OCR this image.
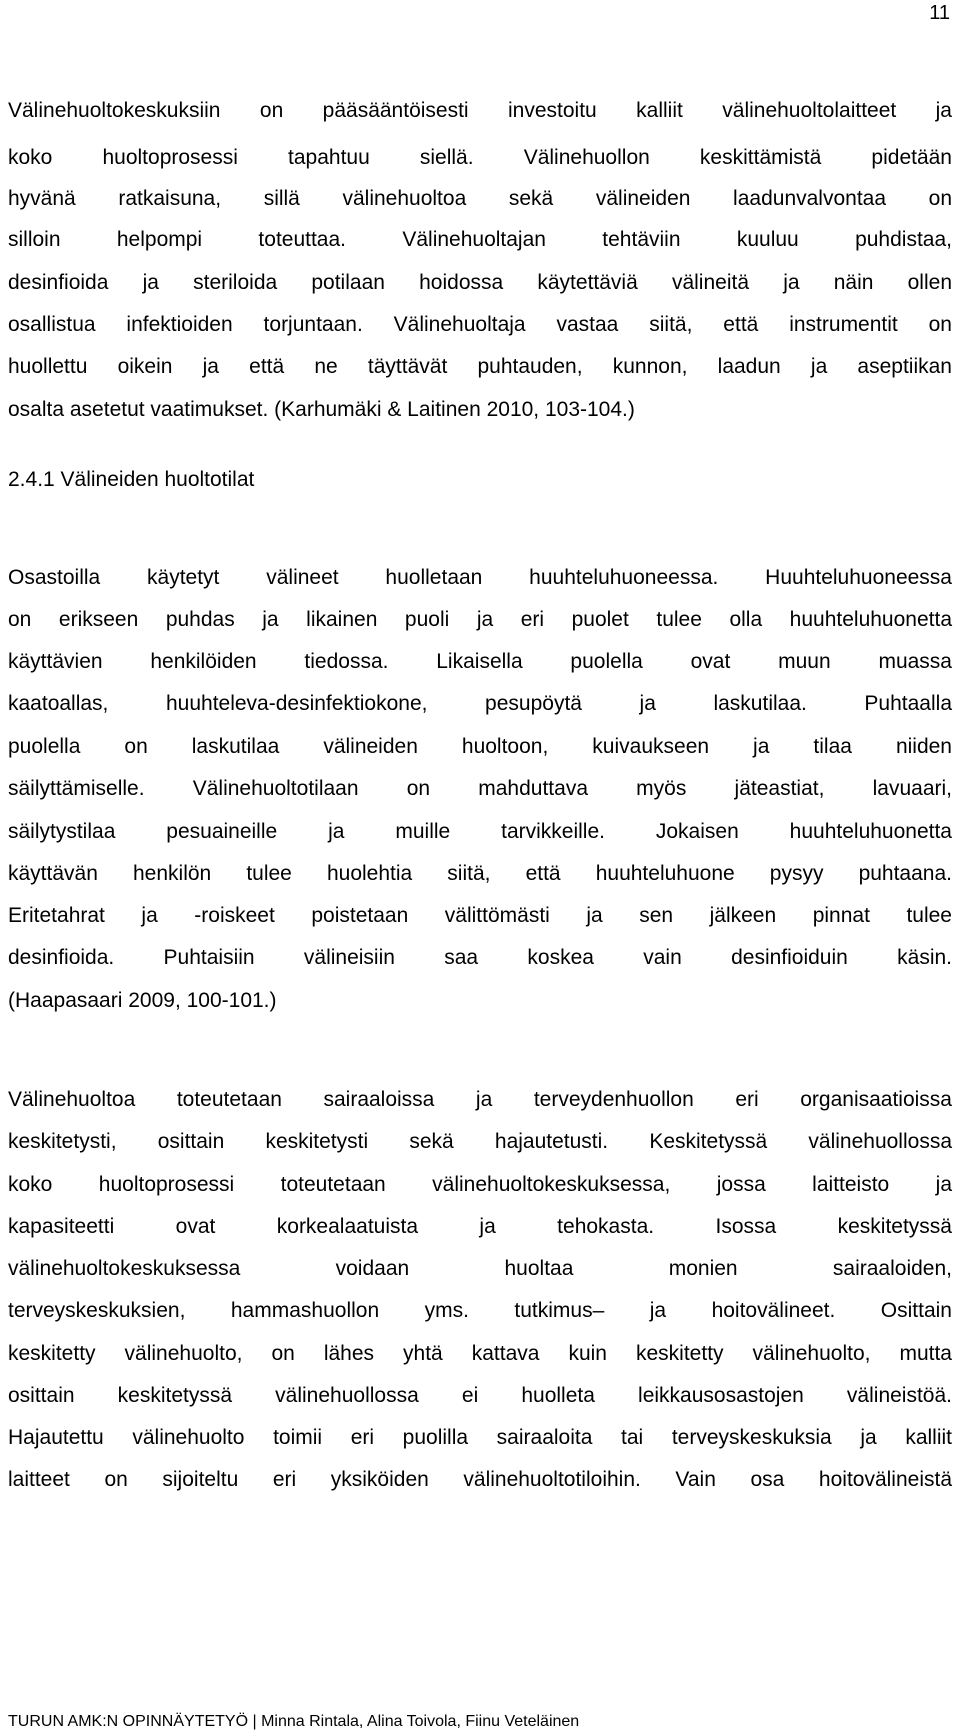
11
Välinehuoltokeskuksiin on pääsääntöisesti investoitu kalliit välinehuoltolaitteet ja
koko huoltoprosessi tapahtuu siellä. Välinehuollon keskittämistä pidetään
hyvänä ratkaisuna, sillä välinehuoltoa sekä välineiden laadunvalvontaa on
silloin helpompi toteuttaa. Välinehuoltajan tehtäviin kuuluu puhdistaa,
desinfioida ja steriloida potilaan hoidossa käytettäviä välineitä ja näin ollen
osallistua infektioiden torjuntaan. Välinehuoltaja vastaa siitä, että instrumentit on
huollettu oikein ja että ne täyttävät puhtauden, kunnon, laadun ja aseptiikan
osalta asetetut vaatimukset. (Karhumäki & Laitinen 2010, 103-104.)
2.4.1 Välineiden huoltotilat
Osastoilla käytetyt välineet huolletaan huuhteluhuoneessa. Huuhteluhuoneessa
on erikseen puhdas ja likainen puoli ja eri puolet tulee olla huuhteluhuonetta
käyttävien henkilöiden tiedossa. Likaisella puolella ovat muun muassa
kaatoallas, huuhteleva-desinfektiokone, pesupöytä ja laskutilaa. Puhtaalla
puolella on laskutilaa välineiden huoltoon, kuivaukseen ja tilaa niiden
säilyttämiselle. Välinehuoltotilaan on mahduttava myös jäteastiat, lavuaari,
säilytystilaa pesuaineille ja muille tarvikkeille. Jokaisen huuhteluhuonetta
käyttävän henkilön tulee huolehtia siitä, että huuhteluhuone pysyy puhtaana.
Eritetahrat ja -roiskeet poistetaan välittömästi ja sen jälkeen pinnat tulee
desinfioida. Puhtaisiin välineisiin saa koskea vain desinfioiduin käsin.
(Haapasaari 2009, 100-101.)
Välinehuoltoa toteutetaan sairaaloissa ja terveydenhuollon eri organisaatioissa
keskitetysti, osittain keskitetysti sekä hajautetusti. Keskitetyssä välinehuollossa
koko huoltoprosessi toteutetaan välinehuoltokeskuksessa, jossa laitteisto ja
kapasiteetti ovat korkealaatuista ja tehokasta. Isossa keskitetyssä
välinehuoltokeskuksessa voidaan huoltaa monien sairaaloiden,
terveyskeskuksien, hammashuollon yms. tutkimus– ja hoitovälineet. Osittain
keskitetty välinehuolto, on lähes yhtä kattava kuin keskitetty välinehuolto, mutta
osittain keskitetyssä välinehuollossa ei huolleta leikkausosastojen välineistöä.
Hajautettu välinehuolto toimii eri puolilla sairaaloita tai terveyskeskuksia ja kalliit
laitteet on sijoiteltu eri yksiköiden välinehuoltotiloihin. Vain osa hoitovälineistä
TURUN AMK:N OPINNÄYTETYÖ | Minna Rintala, Alina Toivola, Fiinu Veteläinen
